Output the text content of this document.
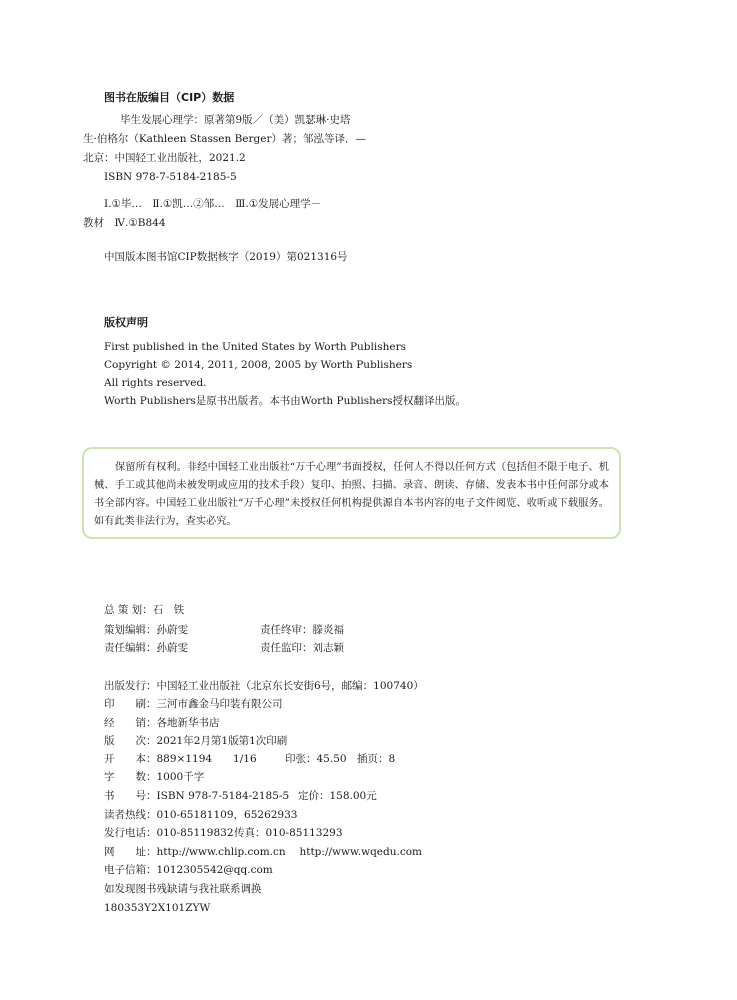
图书在版编目（CIP）数据
毕生发展心理学：原著第9版／（美）凯瑟琳·史塔
生·伯格尔（Kathleen Stassen Berger）著；邹泓等译．—
北京：中国轻工业出版社，2021.2
ISBN 978-7-5184-2185-5
Ⅰ.①毕…　Ⅱ.①凯…②邹…　Ⅲ.①发展心理学－
教材　Ⅳ.①B844
中国版本图书馆CIP数据核字（2019）第021316号
版权声明
First published in the United States by Worth Publishers
Copyright © 2014, 2011, 2008, 2005 by Worth Publishers
All rights reserved.
Worth Publishers是原书出版者。本书由Worth Publishers授权翻译出版。
保留所有权利。非经中国轻工业出版社“万千心理”书面授权，任何人不得以任何方式（包括但不限于电子、机械、手工或其他尚未被发明或应用的技术手段）复印、拍照、扫描、录音、朗读、存储、发表本书中任何部分或本书全部内容。中国轻工业出版社“万千心理”未授权任何机构提供源自本书内容的电子文件阅览、收听或下载服务。如有此类非法行为，查实必究。
总 策 划：石　铁
策划编辑：孙蔚雯	责任终审：滕炎福
责任编辑：孙蔚雯	责任监印：刘志颖
出版发行：中国轻工业出版社（北京东长安街6号，邮编：100740）
印　　刷：三河市鑫金马印装有限公司
经　　销：各地新华书店
版　　次：2021年2月第1版第1次印刷
开　　本：889×1194　　1/16	印张：45.50 插页：8
字　　数：1000千字
书　　号：ISBN 978-7-5184-2185-5 定价：158.00元
读者热线：010-65181109，65262933
发行电话：010-85119832 传真：010-85113293
网　　址：http://www.chlip.com.cn　 http://www.wqedu.com
电子信箱：1012305542@qq.com
如发现图书残缺请与我社联系调换
180353Y2X101ZYW
